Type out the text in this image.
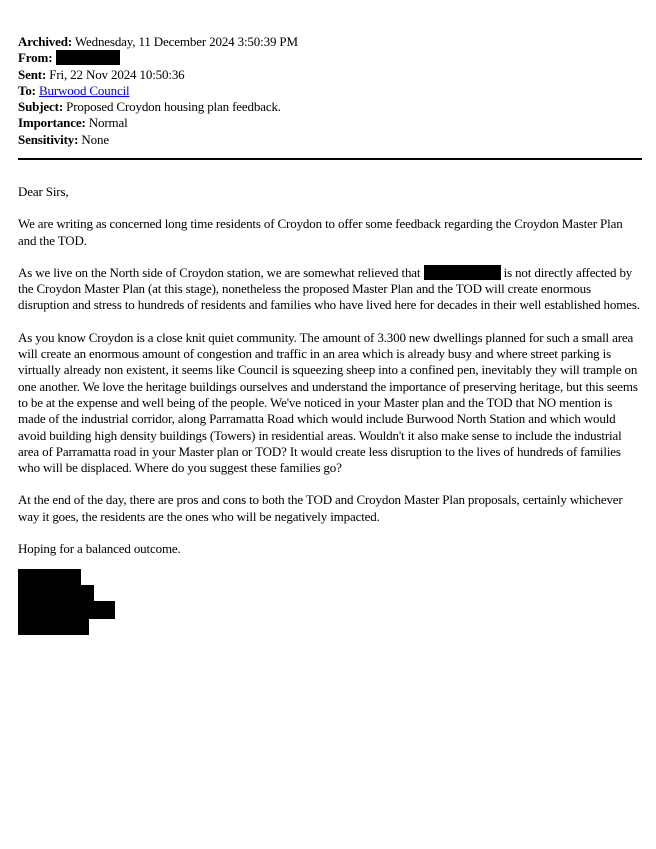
Archived: Wednesday, 11 December 2024 3:50:39 PM
From:
Sent: Fri, 22 Nov 2024 10:50:36
To: Burwood Council
Subject: Proposed Croydon housing plan feedback.
Importance: Normal
Sensitivity: None

Dear Sirs,

We are writing as concerned long time residents of Croydon to offer some feedback regarding the Croydon Master Plan and the TOD.

As we live on the North side of Croydon station, we are somewhat relieved that	is not directly affected by the Croydon Master Plan (at this stage), nonetheless the proposed Master Plan and the TOD will create enormous disruption and stress to hundreds of residents and families who have lived here for decades in their well established homes.

As you know Croydon is a close knit quiet community. The amount of 3.300 new dwellings planned for such a small area will create an enormous amount of congestion and traffic in an area which is already busy and where street parking is virtually already non existent, it seems like Council is squeezing sheep into a confined pen, inevitably they will trample on one another. We love the heritage buildings ourselves and understand the importance of preserving heritage, but this seems to be at the expense and well being of the people. We've noticed in your Master plan and the TOD that NO mention is made of the industrial corridor, along Parramatta Road which would include Burwood North Station and which would avoid building high density buildings (Towers) in residential areas. Wouldn't it also make sense to include the industrial area of Parramatta road in your Master plan or TOD? It would create less disruption to the lives of hundreds of families who will be displaced. Where do you suggest these families go?

At the end of the day, there are pros and cons to both the TOD and Croydon Master Plan proposals, certainly whichever way it goes, the residents are the ones who will be negatively impacted.

Hoping for a balanced outcome.
